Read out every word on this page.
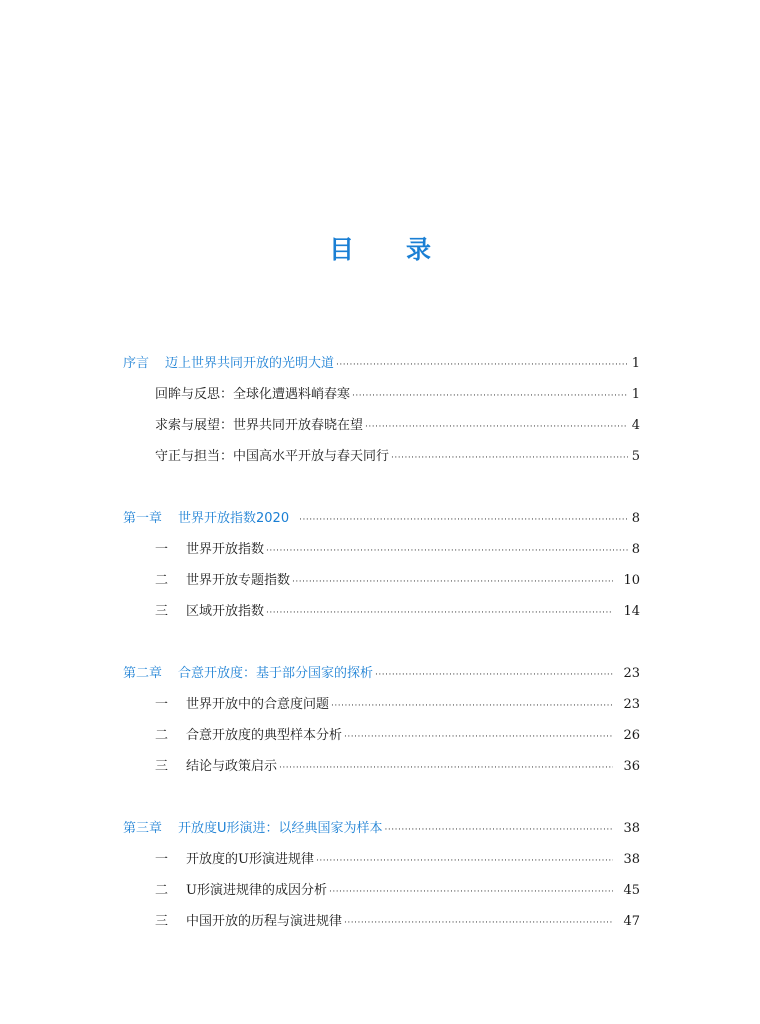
目 录
序言 迈上世界共同开放的光明大道 ·····	1
回眸与反思：全球化遭遇料峭春寒 ·····	1
求索与展望：世界共同开放春晓在望 ·····	4
守正与担当：中国高水平开放与春天同行 ·····	5
第一章 世界开放指数2020 ·····	8
一 世界开放指数 ·····	8
二 世界开放专题指数 ·····	10
三 区域开放指数 ·····	14
第二章 合意开放度：基于部分国家的探析 ·····	23
一 世界开放中的合意度问题 ·····	23
二 合意开放度的典型样本分析 ·····	26
三 结论与政策启示 ·····	36
第三章 开放度U形演进：以经典国家为样本 ·····	38
一 开放度的U形演进规律 ·····	38
二 U形演进规律的成因分析 ·····	45
三 中国开放的历程与演进规律 ·····	47
